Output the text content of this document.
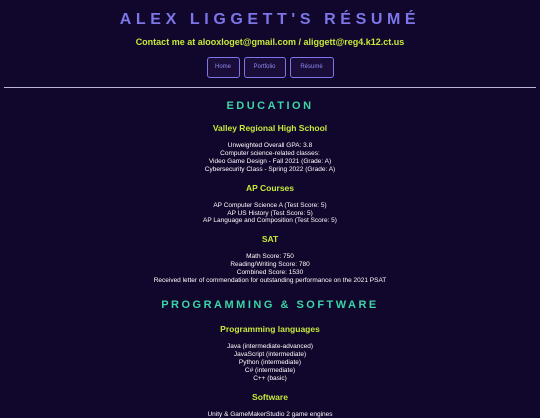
ALEX LIGGETT'S RÉSUMÉ
Contact me at alooxloget@gmail.com / aliggett@reg4.k12.ct.us
Home	Portfolio	Résumé
EDUCATION
Valley Regional High School
Unweighted Overall GPA: 3.8
Computer science-related classes:
Video Game Design - Fall 2021 (Grade: A)
Cybersecurity Class - Spring 2022 (Grade: A)
AP Courses
AP Computer Science A (Test Score: 5)
AP US History (Test Score: 5)
AP Language and Composition (Test Score: 5)
SAT
Math Score: 750
Reading/Writing Score: 780
Combined Score: 1530
Received letter of commendation for outstanding performance on the 2021 PSAT
PROGRAMMING & SOFTWARE
Programming languages
Java (intermediate-advanced)
JavaScript (intermediate)
Python (intermediate)
C# (intermediate)
C++ (basic)
Software
Unity & GameMakerStudio 2 game engines
